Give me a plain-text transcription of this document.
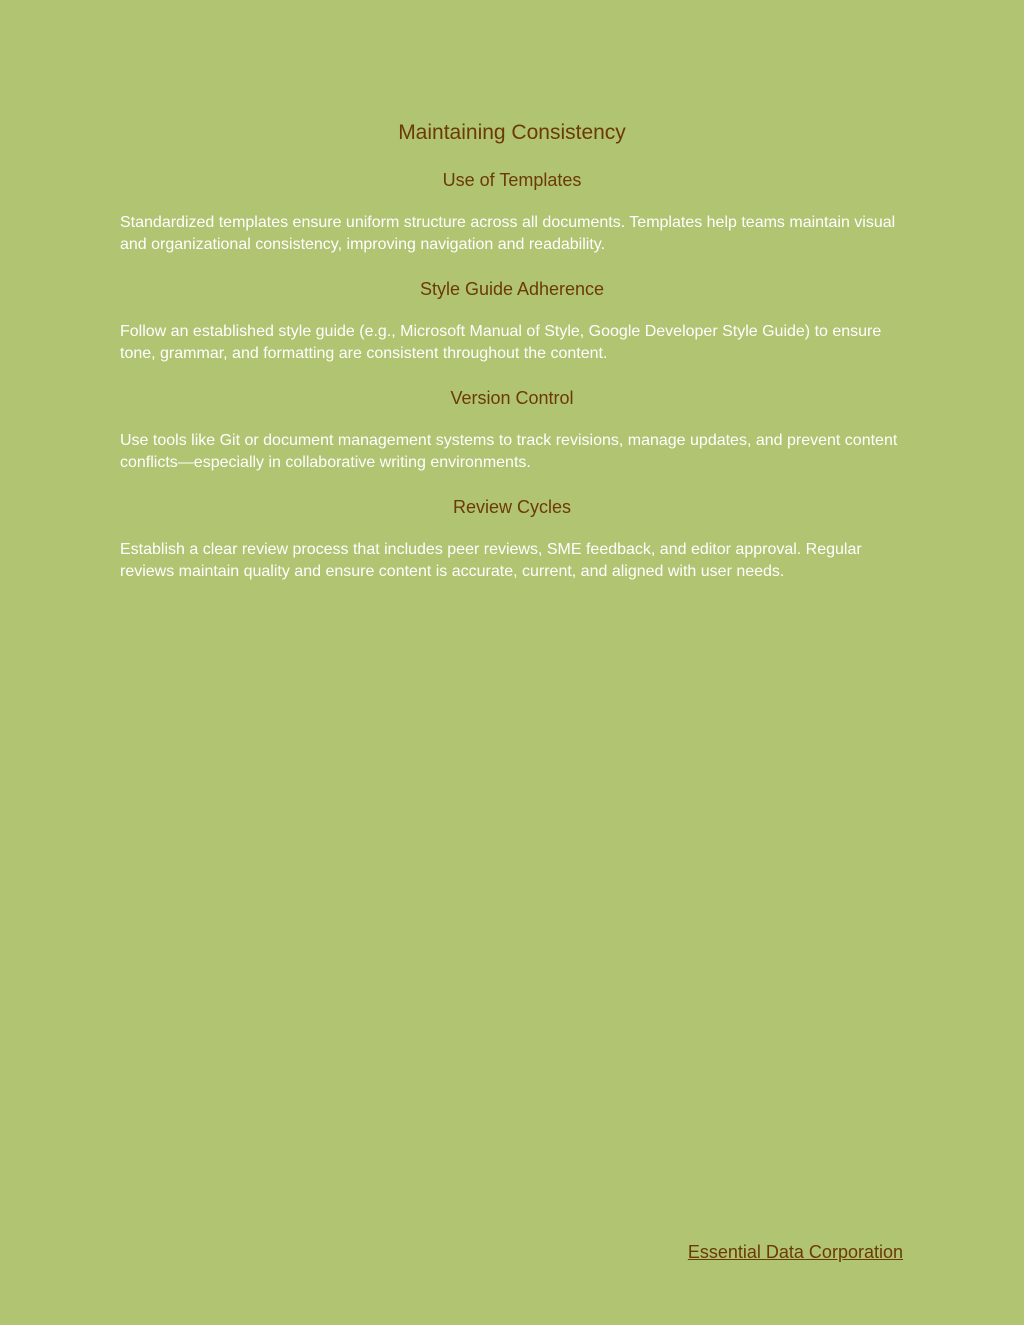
Maintaining Consistency
Use of Templates

Standardized templates ensure uniform structure across all documents. Templates help teams maintain visual and organizational consistency, improving navigation and readability.

Style Guide Adherence

Follow an established style guide (e.g., Microsoft Manual of Style, Google Developer Style Guide) to ensure tone, grammar, and formatting are consistent throughout the content.

Version Control

Use tools like Git or document management systems to track revisions, manage updates, and prevent content conflicts—especially in collaborative writing environments.

Review Cycles

Establish a clear review process that includes peer reviews, SME feedback, and editor approval. Regular reviews maintain quality and ensure content is accurate, current, and aligned with user needs.

Essential Data Corporation
